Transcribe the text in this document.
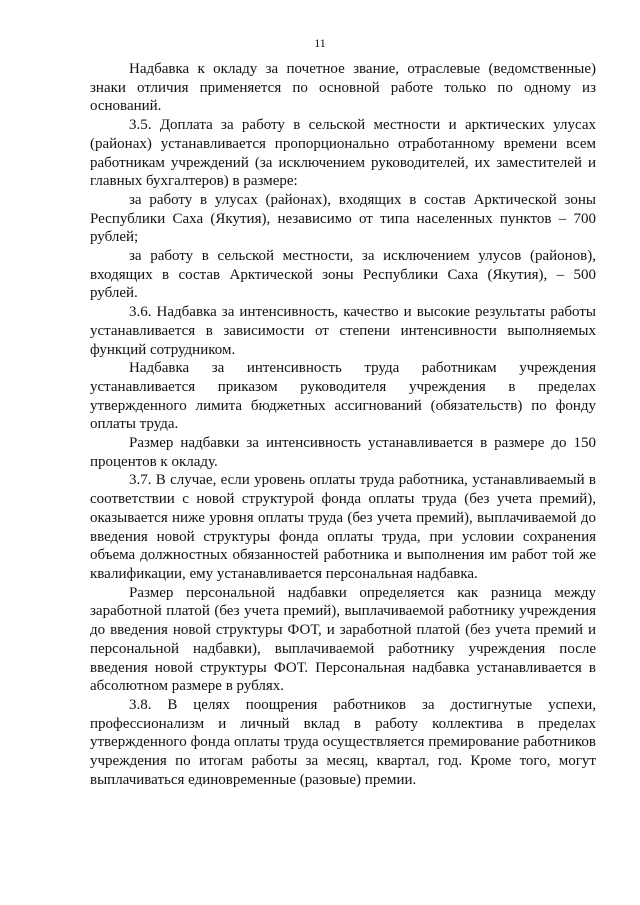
11

Надбавка к окладу за почетное звание, отраслевые (ведомственные) знаки отличия применяется по основной работе только по одному из оснований.

3.5. Доплата за работу в сельской местности и арктических улусах (районах) устанавливается пропорционально отработанному времени всем работникам учреждений (за исключением руководителей, их заместителей и главных бухгалтеров) в размере:

за работу в улусах (районах), входящих в состав Арктической зоны Республики Саха (Якутия), независимо от типа населенных пунктов – 700 рублей;

за работу в сельской местности, за исключением улусов (районов), входящих в состав Арктической зоны Республики Саха (Якутия), – 500 рублей.

3.6. Надбавка за интенсивность, качество и высокие результаты работы устанавливается в зависимости от степени интенсивности выполняемых функций сотрудником.

Надбавка за интенсивность труда работникам учреждения устанавливается приказом руководителя учреждения в пределах утвержденного лимита бюджетных ассигнований (обязательств) по фонду оплаты труда.

Размер надбавки за интенсивность устанавливается в размере до 150 процентов к окладу.

3.7. В случае, если уровень оплаты труда работника, устанавливаемый в соответствии с новой структурой фонда оплаты труда (без учета премий), оказывается ниже уровня оплаты труда (без учета премий), выплачиваемой до введения новой структуры фонда оплаты труда, при условии сохранения объема должностных обязанностей работника и выполнения им работ той же квалификации, ему устанавливается персональная надбавка.

Размер персональной надбавки определяется как разница между заработной платой (без учета премий), выплачиваемой работнику учреждения до введения новой структуры ФОТ, и заработной платой (без учета премий и персональной надбавки), выплачиваемой работнику учреждения после введения новой структуры ФОТ. Персональная надбавка устанавливается в абсолютном размере в рублях.

3.8. В целях поощрения работников за достигнутые успехи, профессионализм и личный вклад в работу коллектива в пределах утвержденного фонда оплаты труда осуществляется премирование работников учреждения по итогам работы за месяц, квартал, год. Кроме того, могут выплачиваться единовременные (разовые) премии.
